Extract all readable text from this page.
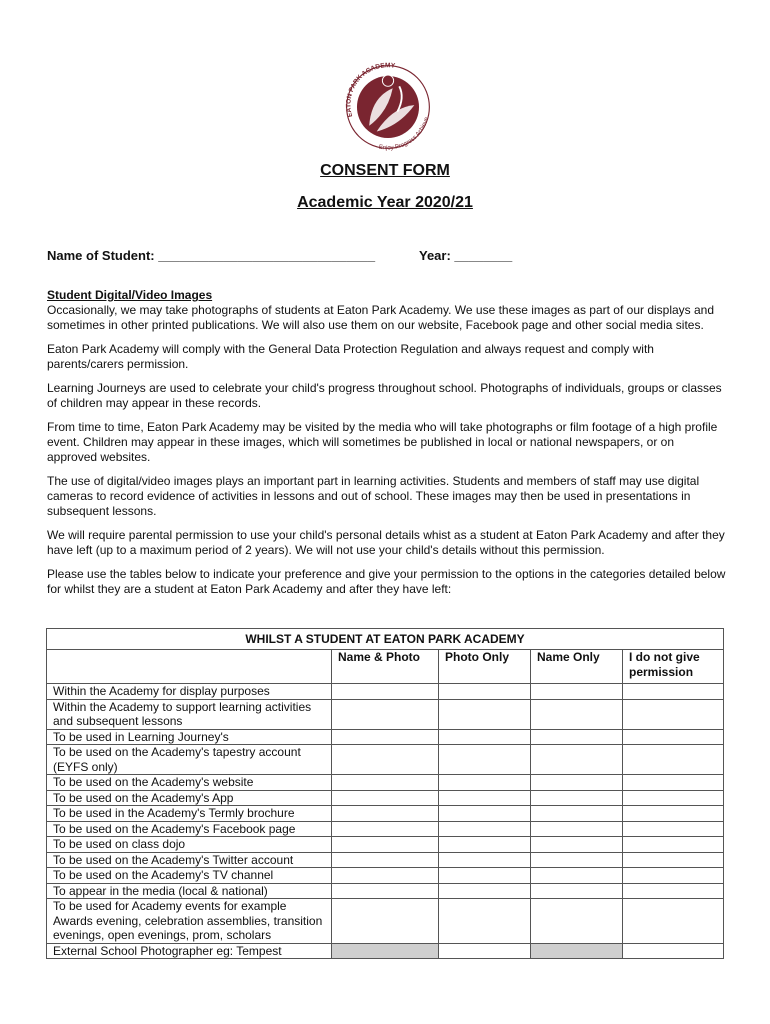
EATON PARK ACADEMY
Enjoy Progress Achieve
CONSENT FORM
Academic Year 2020/21
Name of Student: ______________________________	Year: ________
Student Digital/Video Images

Occasionally, we may take photographs of students at Eaton Park Academy. We use these images as part of our displays and sometimes in other printed publications. We will also use them on our website, Facebook page and other social media sites.

Eaton Park Academy will comply with the General Data Protection Regulation and always request and comply with parents/carers permission.

Learning Journeys are used to celebrate your child's progress throughout school. Photographs of individuals, groups or classes of children may appear in these records.

From time to time, Eaton Park Academy may be visited by the media who will take photographs or film footage of a high profile event. Children may appear in these images, which will sometimes be published in local or national newspapers, or on approved websites.

The use of digital/video images plays an important part in learning activities. Students and members of staff may use digital cameras to record evidence of activities in lessons and out of school. These images may then be used in presentations in subsequent lessons.

We will require parental permission to use your child's personal details whist as a student at Eaton Park Academy and after they have left (up to a maximum period of 2 years). We will not use your child's details without this permission.

Please use the tables below to indicate your preference and give your permission to the options in the categories detailed below for whilst they are a student at Eaton Park Academy and after they have left:

WHILST A STUDENT AT EATON PARK ACADEMY				
	Name & Photo	Photo Only	Name Only	I do not give permission
Within the Academy for display purposes				
Within the Academy to support learning activities and subsequent lessons				
To be used in Learning Journey's				
To be used on the Academy's tapestry account (EYFS only)				
To be used on the Academy's website				
To be used on the Academy's App				
To be used in the Academy's Termly brochure				
To be used on the Academy's Facebook page				
To be used on class dojo				
To be used on the Academy's Twitter account				
To be used on the Academy's TV channel				
To appear in the media (local & national)				
To be used for Academy events for example Awards evening, celebration assemblies, transition evenings, open evenings, prom, scholars				
External School Photographer eg: Tempest				
